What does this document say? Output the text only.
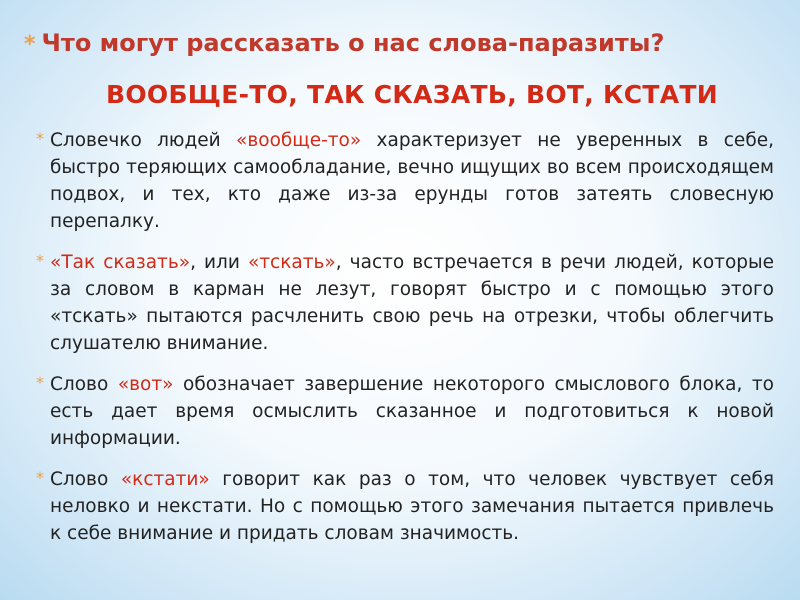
* Что могут рассказать о нас слова-паразиты?
ВООБЩЕ-ТО, ТАК СКАЗАТЬ, ВОТ, КСТАТИ
* Словечко людей «вообще-то» характеризует не уверенных в себе, быстро теряющих самообладание, вечно ищущих во всем происходящем подвох, и тех, кто даже из-за ерунды готов затеять словесную перепалку.
* «Так сказать», или «тскать», часто встречается в речи людей, которые за словом в карман не лезут, говорят быстро и с помощью этого «тскать» пытаются расчленить свою речь на отрезки, чтобы облегчить слушателю внимание.
* Слово «вот» обозначает завершение некоторого смыслового блока, то есть дает время осмыслить сказанное и подготовиться к новой информации.
* Слово «кстати» говорит как раз о том, что человек чувствует себя неловко и некстати. Но с помощью этого замечания пытается привлечь к себе внимание и придать словам значимость.
